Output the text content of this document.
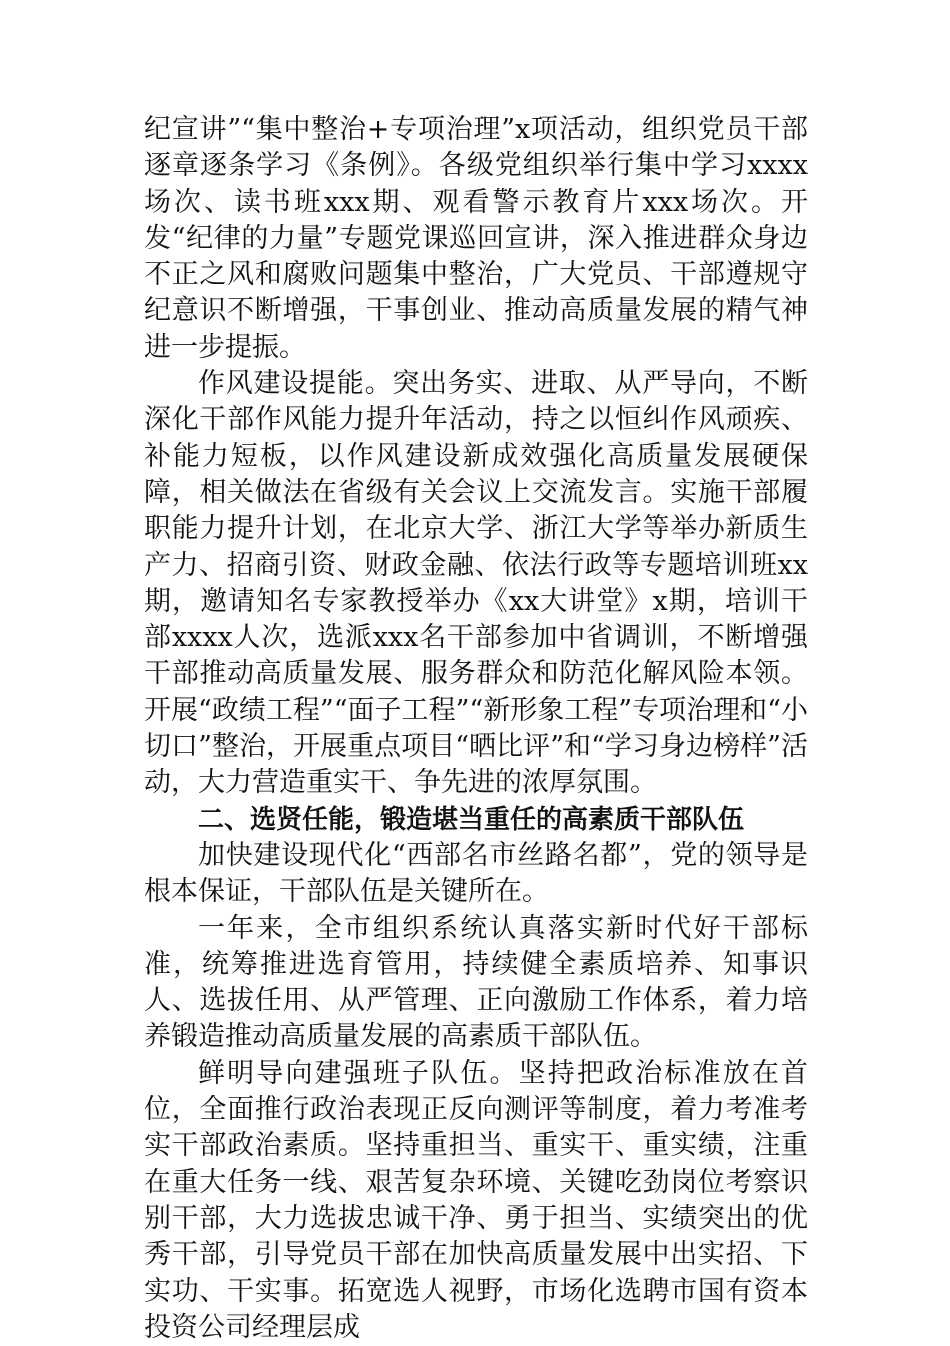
纪宣讲”“集中整治+专项治理”x项活动，组织党员干部逐章逐条学习《条例》。各级党组织举行集中学习xxxx场次、读书班xxx期、观看警示教育片xxx场次。开发“纪律的力量”专题党课巡回宣讲，深入推进群众身边不正之风和腐败问题集中整治，广大党员、干部遵规守纪意识不断增强，干事创业、推动高质量发展的精气神进一步提振。

作风建设提能。突出务实、进取、从严导向，不断深化干部作风能力提升年活动，持之以恒纠作风顽疾、补能力短板，以作风建设新成效强化高质量发展硬保障，相关做法在省级有关会议上交流发言。实施干部履职能力提升计划，在北京大学、浙江大学等举办新质生产力、招商引资、财政金融、依法行政等专题培训班xx期，邀请知名专家教授举办《xx大讲堂》x期，培训干部xxxx人次，选派xxx名干部参加中省调训，不断增强干部推动高质量发展、服务群众和防范化解风险本领。开展“政绩工程”“面子工程”“新形象工程”专项治理和“小切口”整治，开展重点项目“晒比评”和“学习身边榜样”活动，大力营造重实干、争先进的浓厚氛围。

二、选贤任能，锻造堪当重任的高素质干部队伍

加快建设现代化“西部名市丝路名都”，党的领导是根本保证，干部队伍是关键所在。

一年来，全市组织系统认真落实新时代好干部标准，统筹推进选育管用，持续健全素质培养、知事识人、选拔任用、从严管理、正向激励工作体系，着力培养锻造推动高质量发展的高素质干部队伍。

鲜明导向建强班子队伍。坚持把政治标准放在首位，全面推行政治表现正反向测评等制度，着力考准考实干部政治素质。坚持重担当、重实干、重实绩，注重在重大任务一线、艰苦复杂环境、关键吃劲岗位考察识别干部，大力选拔忠诚干净、勇于担当、实绩突出的优秀干部，引导党员干部在加快高质量发展中出实招、下实功、干实事。拓宽选人视野，市场化选聘市国有资本投资公司经理层成
